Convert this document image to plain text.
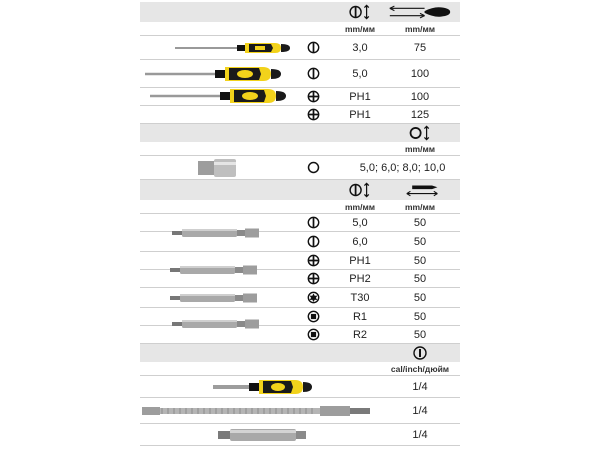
mm/мм	mm/мм
3,0	75
5,0	100
PH1	100
PH1	125
mm/мм
5,0; 6,0; 8,0; 10,0
mm/мм	mm/мм
5,0	50
6,0	50
PH1	50
PH2	50
T30	50
R1	50
R2	50
cal/inch/дюйм
1/4
1/4
1/4
